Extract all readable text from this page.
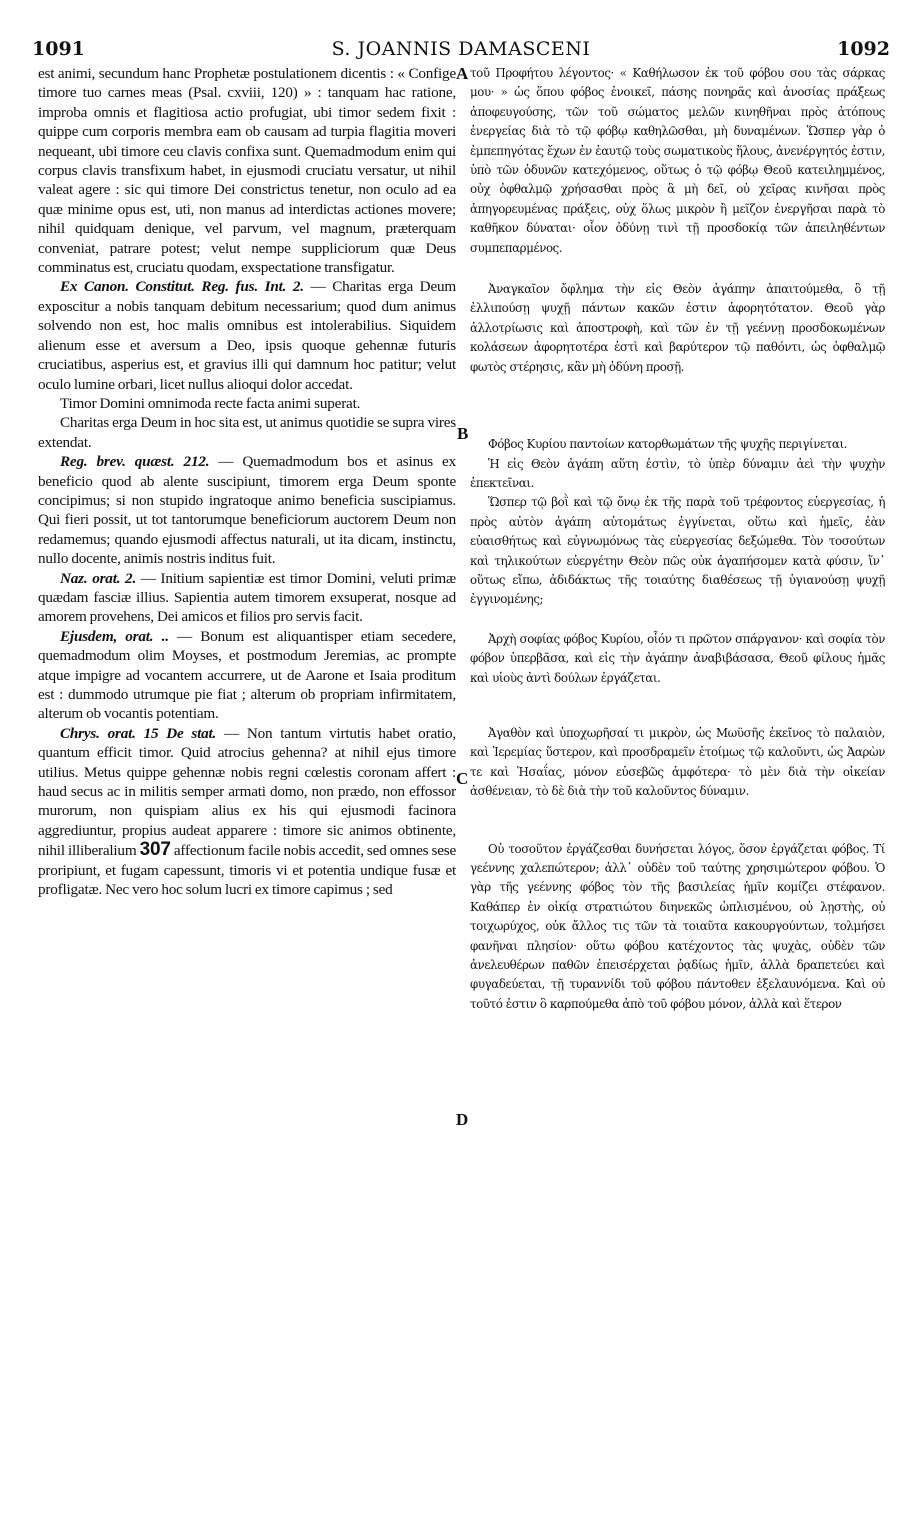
1091	S. JOANNIS DAMASCENI	1092
A
B
C
D

est animi, secundum hanc Prophetæ postulationem dicentis : « Confige timore tuo carnes meas (Psal. cxviii, 120) » : tanquam hac ratione, improba omnis et flagitiosa actio profugiat, ubi timor sedem fixit : quippe cum corporis membra eam ob causam ad turpia flagitia moveri nequeant, ubi timore ceu clavis confixa sunt. Quemadmodum enim qui corpus clavis transfixum habet, in ejusmodi cruciatu versatur, ut nihil valeat agere : sic qui timore Dei constrictus tenetur, non oculo ad ea quæ minime opus est, uti, non manus ad interdictas actiones movere; nihil quidquam denique, vel parvum, vel magnum, præterquam conveniat, patrare potest; velut nempe suppliciorum quæ Deus comminatus est, cruciatu quodam, exspectatione transfigatur.

Ex Canon. Constitut. Reg. fus. Int. 2. — Charitas erga Deum exposcitur a nobis tanquam debitum necessarium; quod dum animus solvendo non est, hoc malis omnibus est intolerabilius. Siquidem alienum esse et aversum a Deo, ipsis quoque gehennæ futuris cruciatibus, asperius est, et gravius illi qui damnum hoc patitur; velut oculo lumine orbari, licet nullus alioqui dolor accedat.

Timor Domini omnimoda recte facta animi superat.

Charitas erga Deum in hoc sita est, ut animus quotidie se supra vires extendat.

Reg. brev. quæst. 212. — Quemadmodum bos et asinus ex beneficio quod ab alente suscipiunt, timorem erga Deum sponte concipimus; si non stupido ingratoque animo beneficia suscipiamus. Qui fieri possit, ut tot tantorumque beneficiorum auctorem Deum non redamemus; quando ejusmodi affectus naturali, ut ita dicam, instinctu, nullo docente, animis nostris inditus fuit.

Naz. orat. 2. — Initium sapientiæ est timor Domini, veluti primæ quædam fasciæ illius. Sapientia autem timorem exsuperat, nosque ad amorem provehens, Dei amicos et filios pro servis facit.

Ejusdem, orat. .. — Bonum est aliquantisper etiam secedere, quemadmodum olim Moyses, et postmodum Jeremias, ac prompte atque impigre ad vocantem accurrere, ut de Aarone et Isaia proditum est : dummodo utrumque pie fiat ; alterum ob propriam infirmitatem, alterum ob vocantis potentiam.

Chrys. orat. 15 De stat. — Non tantum virtutis habet oratio, quantum efficit timor. Quid atrocius gehenna? at nihil ejus timore utilius. Metus quippe gehennæ nobis regni cœlestis coronam affert : haud secus ac in militis semper armati domo, non prædo, non effossor murorum, non quispiam alius ex his qui ejusmodi facinora aggrediuntur, propius audeat apparere : timore sic animos obtinente, nihil illiberalium 307 affectionum facile nobis accedit, sed omnes sese proripiunt, et fugam capessunt, timoris vi et potentia undique fusæ et profligatæ. Nec vero hoc solum lucri ex timore capimus ; sed

τοῦ Προφήτου λέγοντος· « Καθήλωσον ἐκ τοῦ φόβου σου τὰς σάρκας μου· » ὡς ὅπου φόβος ἐνοικεῖ, πάσης πονηρᾶς καὶ ἀνοσίας πράξεως ἀποφευγούσης, τῶν τοῦ σώματος μελῶν κινηθῆναι πρὸς ἀτόπους ἐνεργείας διὰ τὸ τῷ φόβῳ καθηλῶσθαι, μὴ δυναμένων. Ὥσπερ γὰρ ὁ ἐμπεπηγότας ἔχων ἐν ἑαυτῷ τοὺς σωματικοὺς ἥλους, ἀνενέργητός ἐστιν, ὑπὸ τῶν ὀδυνῶν κατεχόμενος, οὕτως ὁ τῷ φόβῳ Θεοῦ κατειλημμένος, οὐχ ὀφθαλμῷ χρήσασθαι πρὸς ἃ μὴ δεῖ, οὐ χεῖρας κινῆσαι πρὸς ἀπηγορευμένας πράξεις, οὐχ ὅλως μικρὸν ἢ μεῖζον ἐνεργῆσαι παρὰ τὸ καθῆκον δύναται· οἷον ὀδύνῃ τινὶ τῇ προσδοκίᾳ τῶν ἀπειληθέντων συμπεπαρμένος.

Ἀναγκαῖον ὄφλημα τὴν εἰς Θεὸν ἀγάπην ἀπαιτούμεθα, ὃ τῇ ἐλλιπούσῃ ψυχῇ πάντων κακῶν ἐστιν ἀφορητότατον. Θεοῦ γὰρ ἀλλοτρίωσις καὶ ἀποστροφὴ, καὶ τῶν ἐν τῇ γεέννῃ προσδοκωμένων κολάσεων ἀφορητοτέρα ἐστὶ καὶ βαρύτερον τῷ παθόντι, ὡς ὀφθαλμῷ φωτὸς στέρησις, κἂν μὴ ὀδύνη προσῇ.

Φόβος Κυρίου παντοίων κατορθωμάτων τῆς ψυχῆς περιγίνεται.

Ἡ εἰς Θεὸν ἀγάπη αὕτη ἐστὶν, τὸ ὑπὲρ δύναμιν ἀεὶ τὴν ψυχὴν ἐπεκτεῖναι.

Ὥσπερ τῷ βοῒ καὶ τῷ ὄνῳ ἐκ τῆς παρὰ τοῦ τρέφοντος εὐεργεσίας, ἡ πρὸς αὐτὸν ἀγάπη αὐτομάτως ἐγγίνεται, οὕτω καὶ ἡμεῖς, ἐὰν εὐαισθήτως καὶ εὐγνωμόνως τὰς εὐεργεσίας δεξώμεθα. Τὸν τοσούτων καὶ τηλικούτων εὐεργέτην Θεὸν πῶς οὐκ ἀγαπήσομεν κατὰ φύσιν, ἵν᾽ οὕτως εἴπω, ἀδιδάκτως τῆς τοιαύτης διαθέσεως τῇ ὑγιανούσῃ ψυχῇ ἐγγινομένης;

Ἀρχὴ σοφίας φόβος Κυρίου, οἷόν τι πρῶτον σπάργανον· καὶ σοφία τὸν φόβον ὑπερβᾶσα, καὶ εἰς τὴν ἀγάπην ἀναβιβάσασα, Θεοῦ φίλους ἡμᾶς καὶ υἱοὺς ἀντὶ δούλων ἐργάζεται.

Ἀγαθὸν καὶ ὑποχωρῆσαί τι μικρὸν, ὡς Μωϋσῆς ἐκεῖνος τὸ παλαιὸν, καὶ Ἱερεμίας ὕστερον, καὶ προσδραμεῖν ἑτοίμως τῷ καλοῦντι, ὡς Ἀαρὼν τε καὶ Ἡσαΐας, μόνον εὐσεβῶς ἀμφότερα· τὸ μὲν διὰ τὴν οἰκείαν ἀσθένειαν, τὸ δὲ διὰ τὴν τοῦ καλοῦντος δύναμιν.

Οὐ τοσοῦτον ἐργάζεσθαι δυνήσεται λόγος, ὅσον ἐργάζεται φόβος. Τί γεέννης χαλεπώτερον; ἀλλ᾽ οὐδὲν τοῦ ταύτης χρησιμώτερον φόβου. Ὁ γὰρ τῆς γεέννης φόβος τὸν τῆς βασιλείας ἡμῖν κομίζει στέφανον. Καθάπερ ἐν οἰκίᾳ στρατιώτου διηνεκῶς ὡπλισμένου, οὐ λῃστὴς, οὐ τοιχωρύχος, οὐκ ἄλλος τις τῶν τὰ τοιαῦτα κακουργούντων, τολμήσει φανῆναι πλησίον· οὕτω φόβου κατέχοντος τὰς ψυχὰς, οὐδὲν τῶν ἀνελευθέρων παθῶν ἐπεισέρχεται ῥᾳδίως ἡμῖν, ἀλλὰ δραπετεύει καὶ φυγαδεύεται, τῇ τυραννίδι τοῦ φόβου πάντοθεν ἐξελαυνόμενα. Καὶ οὐ τοῦτό ἐστιν ὃ καρπούμεθα ἀπὸ τοῦ φόβου μόνον, ἀλλὰ καὶ ἕτερον
